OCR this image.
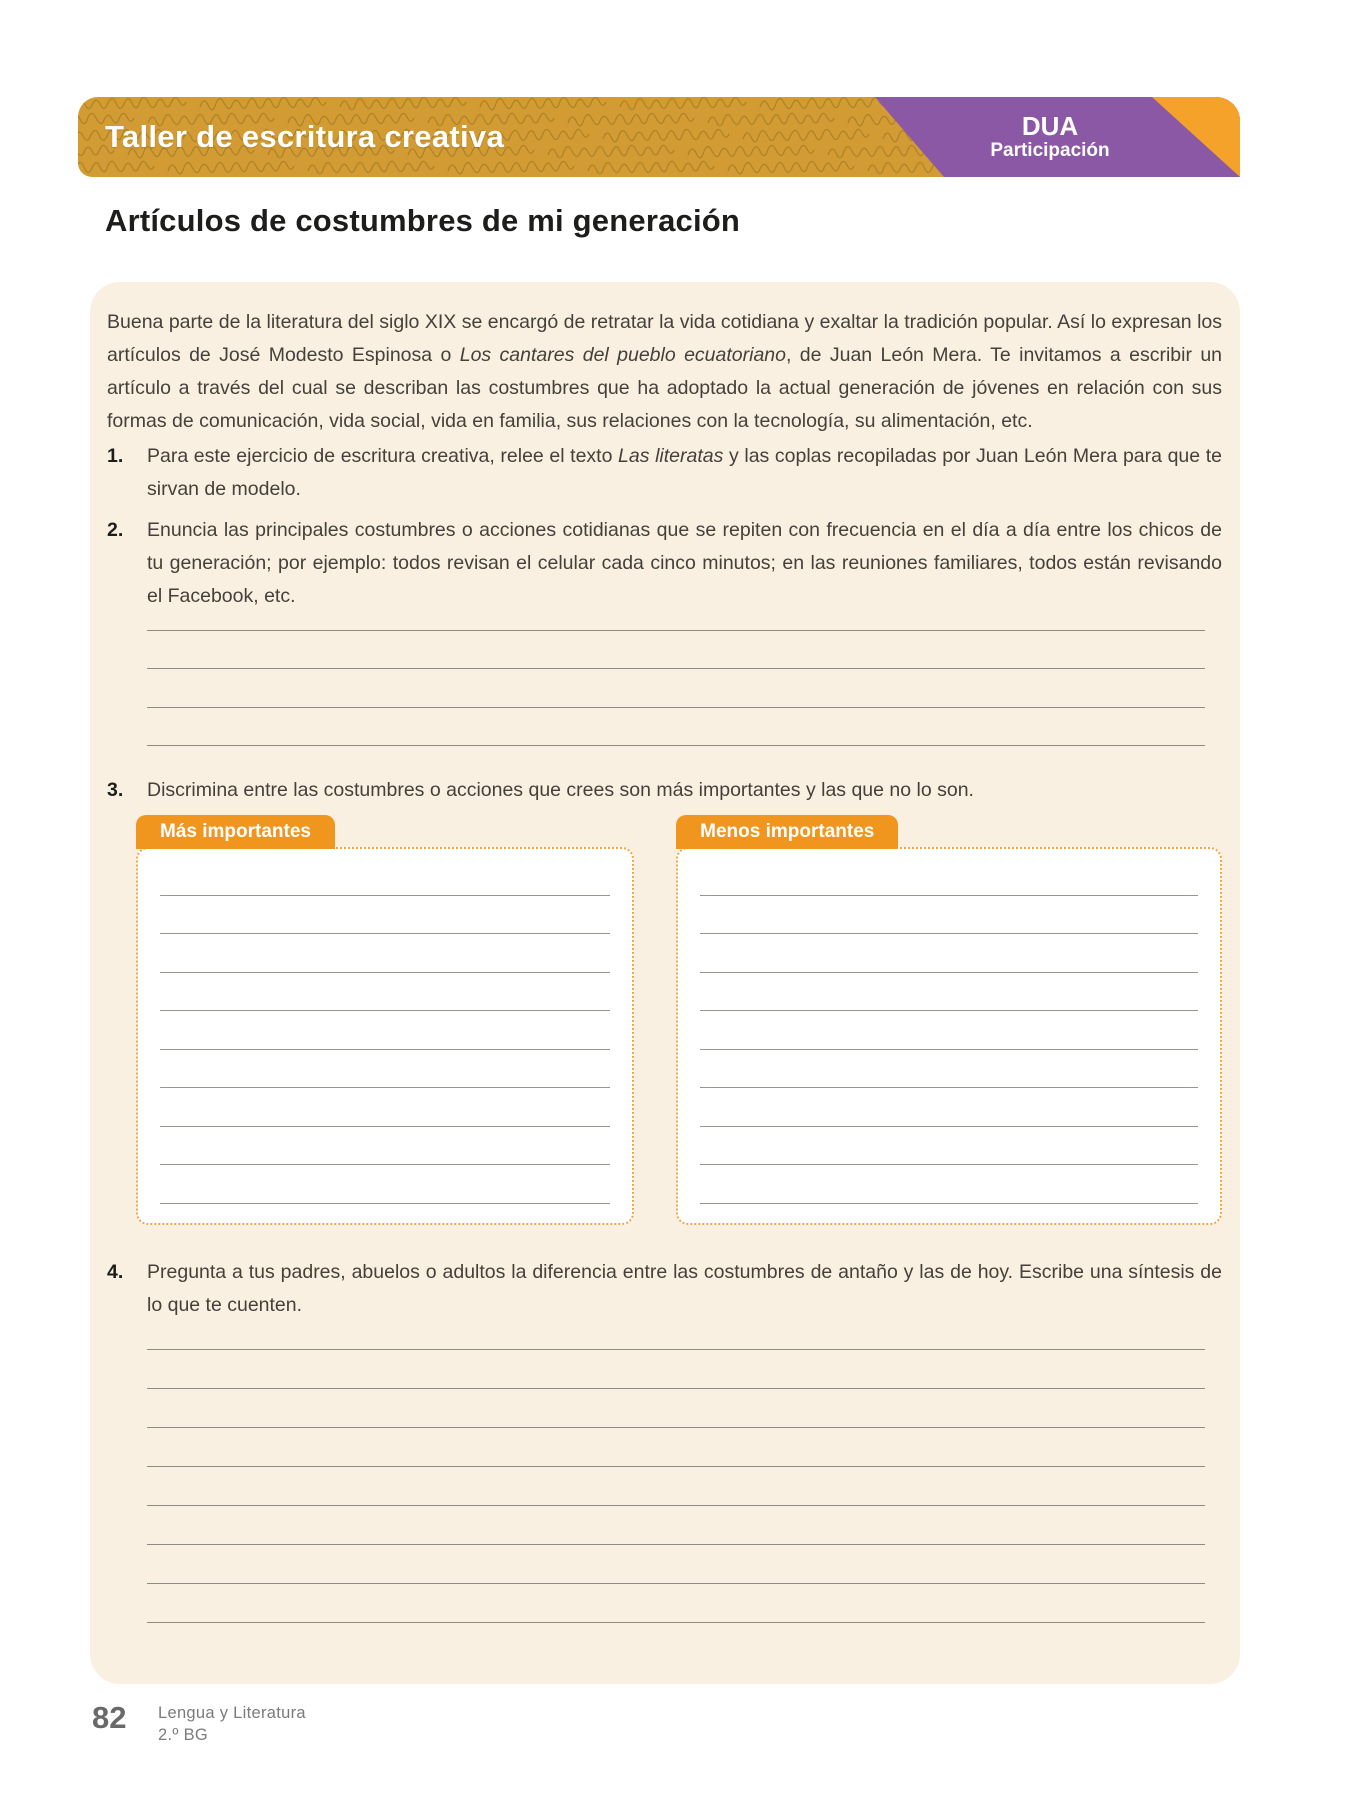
Taller de escritura creativa	DUA
Participación
Artículos de costumbres de mi generación

Buena parte de la literatura del siglo XIX se encargó de retratar la vida cotidiana y exaltar la tradición popular. Así lo expresan los artículos de José Modesto Espinosa o Los cantares del pueblo ecuatoriano, de Juan León Mera. Te invitamos a escribir un artículo a través del cual se describan las costumbres que ha adoptado la actual generación de jóvenes en relación con sus formas de comunicación, vida social, vida en familia, sus relaciones con la tecnología, su alimentación, etc.

1.	Para este ejercicio de escritura creativa, relee el texto Las literatas y las coplas recopiladas por Juan León Mera para que te sirvan de modelo.
2.	Enuncia las principales costumbres o acciones cotidianas que se repiten con frecuencia en el día a día entre los chicos de tu generación; por ejemplo: todos revisan el celular cada cinco minutos; en las reuniones familiares, todos están revisando el Facebook, etc.
3.	Discrimina entre las costumbres o acciones que crees son más importantes y las que no lo son.
Más importantes	Menos importantes
4.	Pregunta a tus padres, abuelos o adultos la diferencia entre las costumbres de antaño y las de hoy. Escribe una síntesis de lo que te cuenten.
82 Lengua y Literatura
2.º BG
